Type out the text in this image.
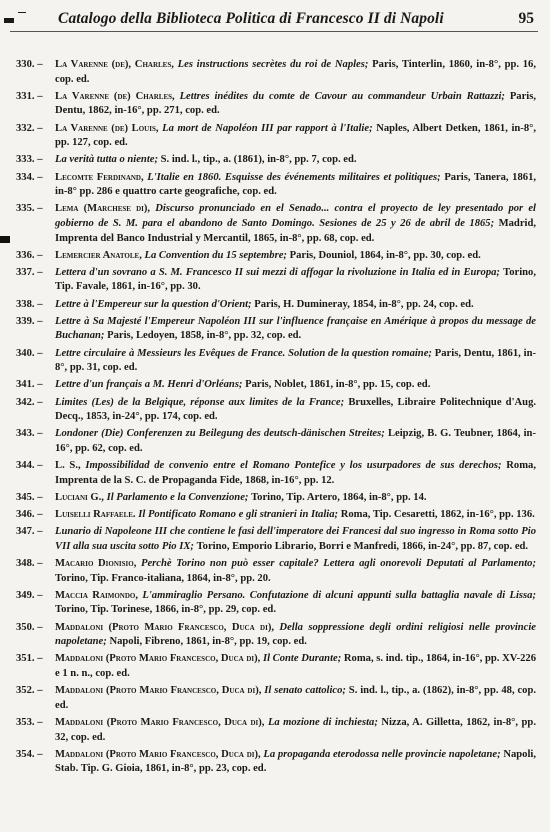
Catalogo della Biblioteca Politica di Francesco II di Napoli	95
330. – La Varenne (de), Charles, Les instructions secrètes du roi de Naples; Paris, Tinterlin, 1860, in-8°, pp. 16, cop. ed.
331. – La Varenne (de) Charles, Lettres inédites du comte de Cavour au commandeur Urbain Rattazzi; Paris, Dentu, 1862, in-16°, pp. 271, cop. ed.
332. – La Varenne (de) Louis, La mort de Napoléon III par rapport à l'Italie; Naples, Albert Detken, 1861, in-8°, pp. 127, cop. ed.
333. – La verità tutta o niente; S. ind. l., tip., a. (1861), in-8°, pp. 7, cop. ed.
334. – Lecomte Ferdinand, L'Italie en 1860. Esquisse des événements militaires et politiques; Paris, Tanera, 1861, in-8° pp. 286 e quattro carte geografiche, cop. ed.
335. – Lema (Marchese di), Discurso pronunciado en el Senado... contra el proyecto de ley presentado por el gobierno de S. M. para el abandono de Santo Domingo. Sesiones de 25 y 26 de abril de 1865; Madrid, Imprenta del Banco Industrial y Mercantil, 1865, in-8°, pp. 68, cop. ed.
336. – Lemercier Anatole, La Convention du 15 septembre; Paris, Douniol, 1864, in-8°, pp. 30, cop. ed.
337. – Lettera d'un sovrano a S. M. Francesco II sui mezzi di affogar la rivoluzione in Italia ed in Europa; Torino, Tip. Favale, 1861, in-16°, pp. 30.
338. – Lettre à l'Empereur sur la question d'Orient; Paris, H. Dumineray, 1854, in-8°, pp. 24, cop. ed.
339. – Lettre à Sa Majesté l'Empereur Napoléon III sur l'influence française en Amérique à propos du message de Buchanan; Paris, Ledoyen, 1858, in-8°, pp. 32, cop. ed.
340. – Lettre circulaire à Messieurs les Evêques de France. Solution de la question romaine; Paris, Dentu, 1861, in-8°, pp. 31, cop. ed.
341. – Lettre d'un français a M. Henri d'Orléans; Paris, Noblet, 1861, in-8°, pp. 15, cop. ed.
342. – Limites (Les) de la Belgique, réponse aux limites de la France; Bruxelles, Libraire Politechnique d'Aug. Decq., 1853, in-24°, pp. 174, cop. ed.
343. – Londoner (Die) Conferenzen zu Beilegung des deutsch-dänischen Streites; Leipzig, B. G. Teubner, 1864, in-16°, pp. 62, cop. ed.
344. – L. S., Impossibilidad de convenio entre el Romano Pontefice y los usurpadores de sus derechos; Roma, Imprenta de la S. C. de Propaganda Fide, 1868, in-16°, pp. 12.
345. – Luciani G., Il Parlamento e la Convenzione; Torino, Tip. Artero, 1864, in-8°, pp. 14.
346. – Luiselli Raffaele. Il Pontificato Romano e gli stranieri in Italia; Roma, Tip. Cesaretti, 1862, in-16°, pp. 136.
347. – Lunario di Napoleone III che contiene le fasi dell'imperatore dei Francesi dal suo ingresso in Roma sotto Pio VII alla sua uscita sotto Pio IX; Torino, Emporio Librario, Borri e Manfredi, 1866, in-24°, pp. 87, cop. ed.
348. – Macario Dionisio, Perchè Torino non può esser capitale? Lettera agli onorevoli Deputati al Parlamento; Torino, Tip. Franco-italiana, 1864, in-8°, pp. 20.
349. – Maccia Raimondo, L'ammiraglio Persano. Confutazione di alcuni appunti sulla battaglia navale di Lissa; Torino, Tip. Torinese, 1866, in-8°, pp. 29, cop. ed.
350. – Maddaloni (Proto Mario Francesco, Duca di), Della soppressione degli ordini religiosi nelle provincie napoletane; Napoli, Fibreno, 1861, in-8°, pp. 19, cop. ed.
351. – Maddaloni (Proto Mario Francesco, Duca di), Il Conte Durante; Roma, s. ind. tip., 1864, in-16°, pp. XV-226 e 1 n. n., cop. ed.
352. – Maddaloni (Proto Mario Francesco, Duca di), Il senato cattolico; S. ind. l., tip., a. (1862), in-8°, pp. 48, cop. ed.
353. – Maddaloni (Proto Mario Francesco, Duca di), La mozione di inchiesta; Nizza, A. Gilletta, 1862, in-8°, pp. 32, cop. ed.
354. – Maddaloni (Proto Mario Francesco, Duca di), La propaganda eterodossa nelle provincie napoletane; Napoli, Stab. Tip. G. Gioia, 1861, in-8°, pp. 23, cop. ed.
